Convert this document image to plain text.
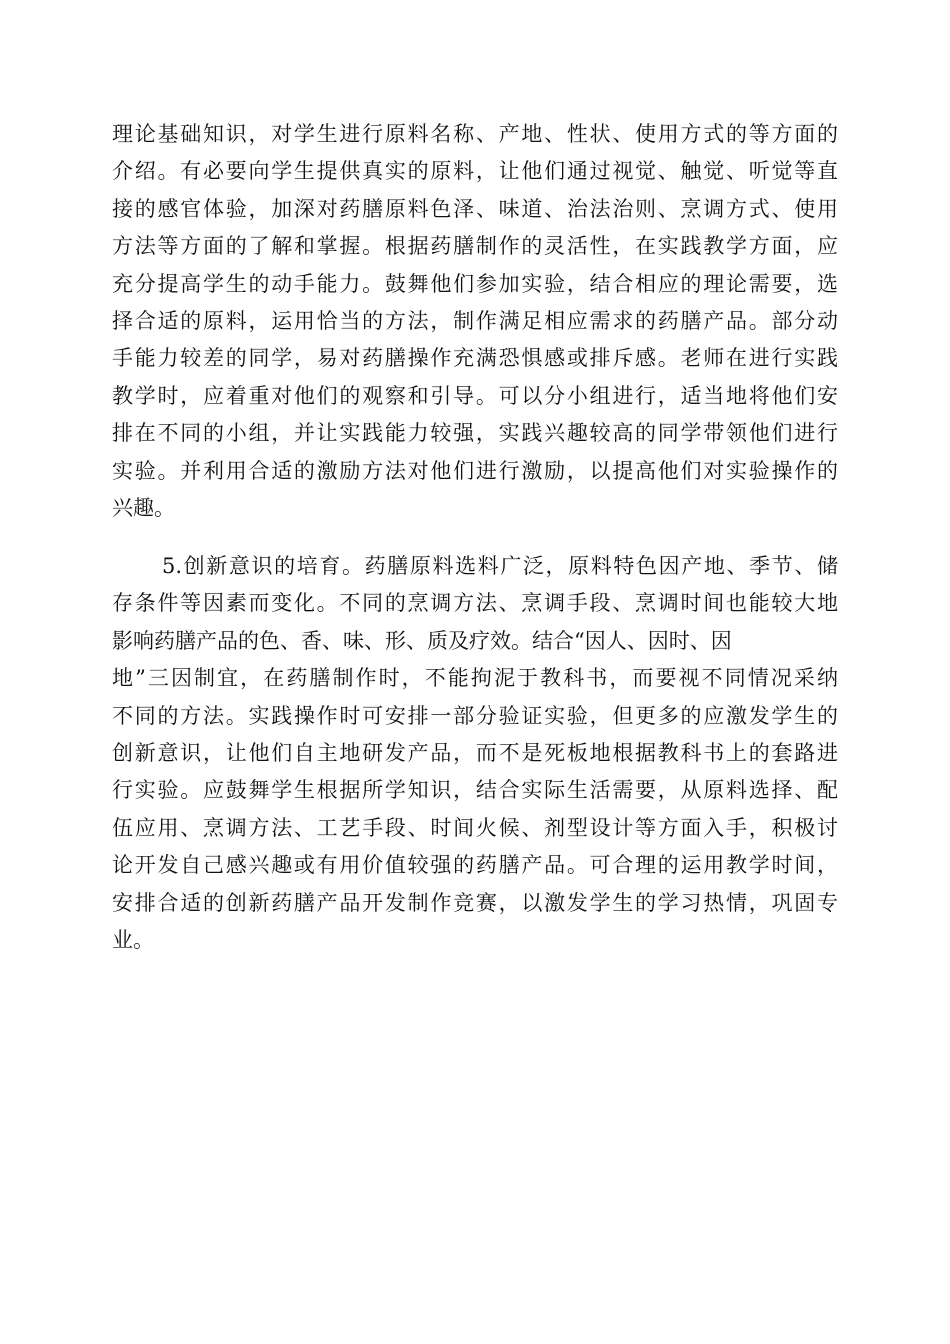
理论基础知识，对学生进行原料名称、产地、性状、使用方式的等方面的
介绍。有必要向学生提供真实的原料，让他们通过视觉、触觉、听觉等直
接的感官体验，加深对药膳原料色泽、味道、治法治则、烹调方式、使用
方法等方面的了解和掌握。根据药膳制作的灵活性，在实践教学方面，应
充分提高学生的动手能力。鼓舞他们参加实验，结合相应的理论需要，选
择合适的原料，运用恰当的方法，制作满足相应需求的药膳产品。部分动
手能力较差的同学，易对药膳操作充满恐惧感或排斥感。老师在进行实践
教学时，应着重对他们的观察和引导。可以分小组进行，适当地将他们安
排在不同的小组，并让实践能力较强，实践兴趣较高的同学带领他们进行
实验。并利用合适的激励方法对他们进行激励，以提高他们对实验操作的
兴趣。
5.创新意识的培育。药膳原料选料广泛，原料特色因产地、季节、储
存条件等因素而变化。不同的烹调方法、烹调手段、烹调时间也能较大地
影响药膳产品的色、香、味、形、质及疗效。结合“因人、因时、因
地”三因制宜，在药膳制作时，不能拘泥于教科书，而要视不同情况采纳
不同的方法。实践操作时可安排一部分验证实验，但更多的应激发学生的
创新意识，让他们自主地研发产品，而不是死板地根据教科书上的套路进
行实验。应鼓舞学生根据所学知识，结合实际生活需要，从原料选择、配
伍应用、烹调方法、工艺手段、时间火候、剂型设计等方面入手，积极讨
论开发自己感兴趣或有用价值较强的药膳产品。可合理的运用教学时间，
安排合适的创新药膳产品开发制作竞赛，以激发学生的学习热情，巩固专
业。
